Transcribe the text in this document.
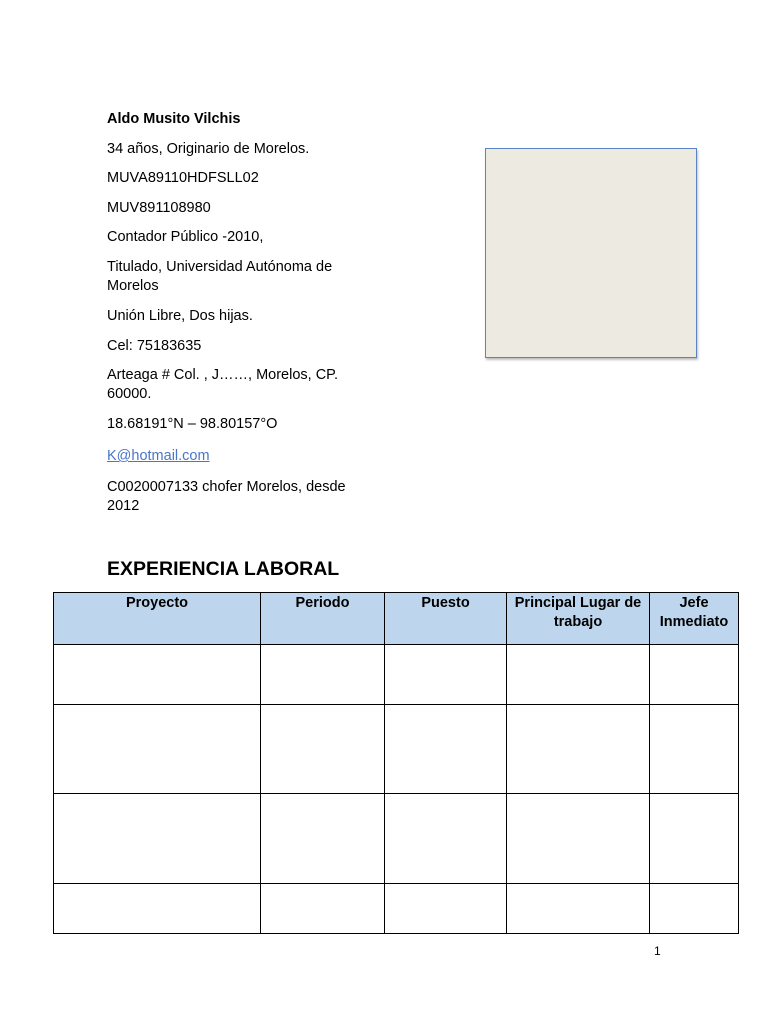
Aldo Musito Vilchis

34 años, Originario de Morelos.

MUVA89110HDFSLL02

MUV891108980

Contador Público -2010,

Titulado, Universidad Autónoma de Morelos

Unión Libre, Dos hijas.

Cel: 75183635

Arteaga # Col. , J……, Morelos, CP. 60000.

18.68191°N – 98.80157°O

K@hotmail.com

C0020007133 chofer Morelos, desde 2012

EXPERIENCIA LABORAL
Proyecto	Periodo	Puesto	Principal Lugar de trabajo	Jefe Inmediato

1
